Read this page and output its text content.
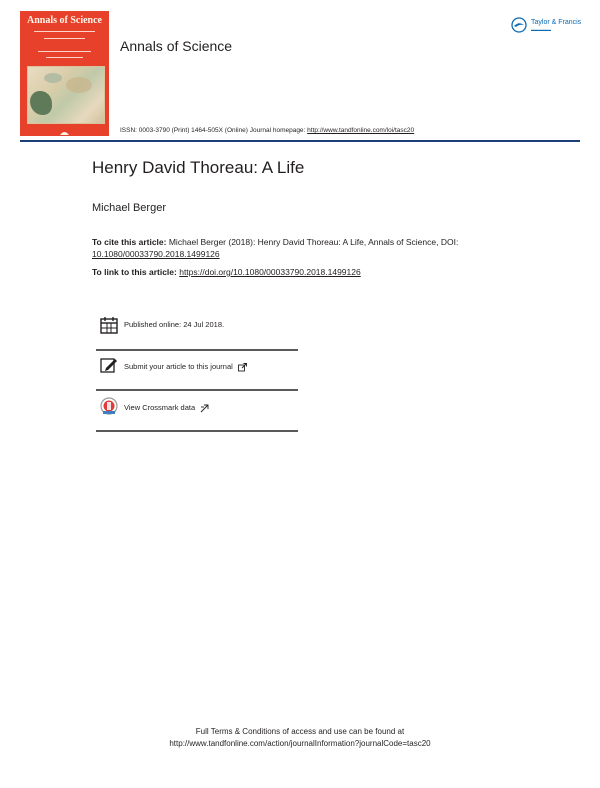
Annals of Science
Annals of Science
Taylor & Francis
▬▬▬▬▬
ISSN: 0003-3790 (Print) 1464-505X (Online) Journal homepage: http://www.tandfonline.com/loi/tasc20
Henry David Thoreau: A Life
Michael Berger
To cite this article: Michael Berger (2018): Henry David Thoreau: A Life, Annals of Science, DOI:
10.1080/00033790.2018.1499126
To link to this article: https://doi.org/10.1080/00033790.2018.1499126
Published online: 24 Jul 2018.
Submit your article to this journal
View Crossmark data
Full Terms & Conditions of access and use can be found at
http://www.tandfonline.com/action/journalInformation?journalCode=tasc20
